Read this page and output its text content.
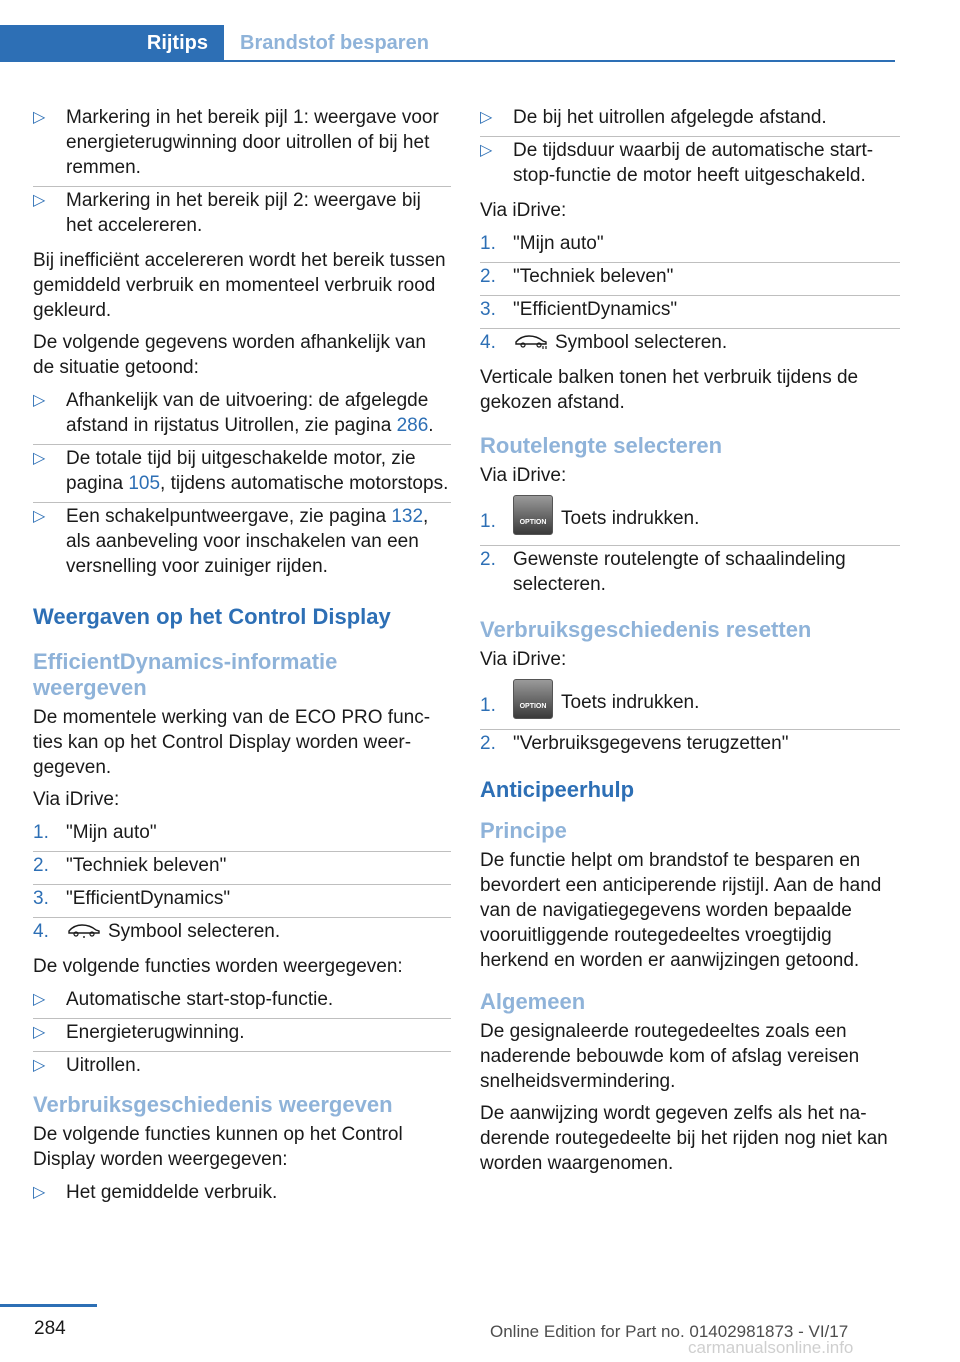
Rijtips	Brandstof besparen
▷ Markering in het bereik pijl 1: weergave voor energieterugwinning door uitrollen of bij het remmen.
▷ Markering in het bereik pijl 2: weergave bij het accelereren.

Bij inefficiënt accelereren wordt het bereik tussen gemiddeld verbruik en momenteel verbruik rood gekleurd.

De volgende gegevens worden afhankelijk van de situatie getoond:

▷ Afhankelijk van de uitvoering: de afgelegde afstand in rijstatus Uitrollen, zie pagina 286.
▷ De totale tijd bij uitgeschakelde motor, zie pagina 105, tijdens automatische motorstops.
▷ Een schakelpuntweergave, zie pagina 132, als aanbeveling voor inschakelen van een versnelling voor zuiniger rijden.
Weergaven op het Control Display
EfficientDynamics-informatie weergeven

De momentele werking van de ECO PRO functies kan op het Control Display worden weergegeven.

Via iDrive:

1. "Mijn auto"
2. "Techniek beleven"
3. "EfficientDynamics"
4.	Symbool selecteren.

De volgende functies worden weergegeven:

▷ Automatische start-stop-functie.
▷ Energieterugwinning.
▷ Uitrollen.
Verbruiksgeschiedenis weergeven

De volgende functies kunnen op het Control Display worden weergegeven:

▷ Het gemiddelde verbruik.
▷ De bij het uitrollen afgelegde afstand.
▷ De tijdsduur waarbij de automatische start-stop-functie de motor heeft uitgeschakeld.

Via iDrive:

1. "Mijn auto"
2. "Techniek beleven"
3. "EfficientDynamics"
4.	Symbool selecteren.

Verticale balken tonen het verbruik tijdens de gekozen afstand.

Routelengte selecteren

Via iDrive:

1.	OPTION Toets indrukken.
2. Gewenste routelengte of schaalindeling selecteren.
Verbruiksgeschiedenis resetten

Via iDrive:

1.	OPTION Toets indrukken.
2. "Verbruiksgegevens terugzetten"
Anticipeerhulp
Principe

De functie helpt om brandstof te besparen en bevordert een anticiperende rijstijl. Aan de hand van de navigatiegegevens worden bepaalde vooruitliggende routegedeeltes vroegtijdig herkend en worden er aanwijzingen getoond.

Algemeen

De gesignaleerde routegedeeltes zoals een naderende bebouwde kom of afslag vereisen snelheidsvermindering.

De aanwijzing wordt gegeven zelfs als het naderende routegedeelte bij het rijden nog niet kan worden waargenomen.

284	Online Edition for Part no. 01402981873 - VI/17
carmanualsonline.info
